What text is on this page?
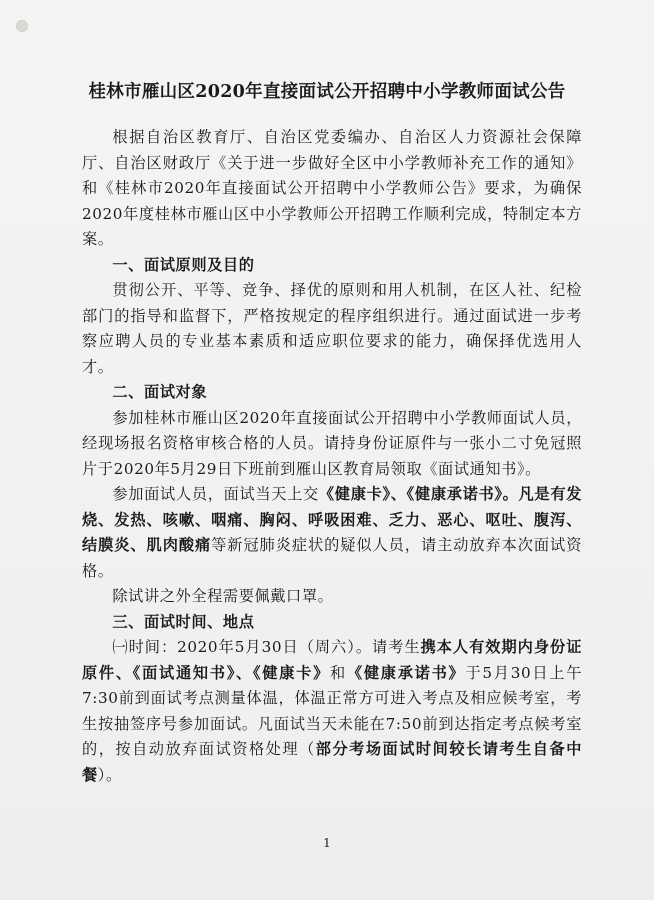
桂林市雁山区2020年直接面试公开招聘中小学教师面试公告

根据自治区教育厅、自治区党委编办、自治区人力资源社会保障厅、自治区财政厅《关于进一步做好全区中小学教师补充工作的通知》和《桂林市2020年直接面试公开招聘中小学教师公告》要求，为确保2020年度桂林市雁山区中小学教师公开招聘工作顺利完成，特制定本方案。

一、面试原则及目的

贯彻公开、平等、竞争、择优的原则和用人机制，在区人社、纪检部门的指导和监督下，严格按规定的程序组织进行。通过面试进一步考察应聘人员的专业基本素质和适应职位要求的能力，确保择优选用人才。

二、面试对象

参加桂林市雁山区2020年直接面试公开招聘中小学教师面试人员，经现场报名资格审核合格的人员。请持身份证原件与一张小二寸免冠照片于2020年5月29日下班前到雁山区教育局领取《面试通知书》。

参加面试人员，面试当天上交《健康卡》、《健康承诺书》。凡是有发烧、发热、咳嗽、咽痛、胸闷、呼吸困难、乏力、恶心、呕吐、腹泻、结膜炎、肌肉酸痛等新冠肺炎症状的疑似人员，请主动放弃本次面试资格。

除试讲之外全程需要佩戴口罩。

三、面试时间、地点

㈠时间：2020年5月30日（周六）。请考生携本人有效期内身份证原件、《面试通知书》、《健康卡》和《健康承诺书》于5月30日上午7:30前到面试考点测量体温，体温正常方可进入考点及相应候考室，考生按抽签序号参加面试。凡面试当天未能在7:50前到达指定考点候考室的，按自动放弃面试资格处理（部分考场面试时间较长请考生自备中餐）。

1
